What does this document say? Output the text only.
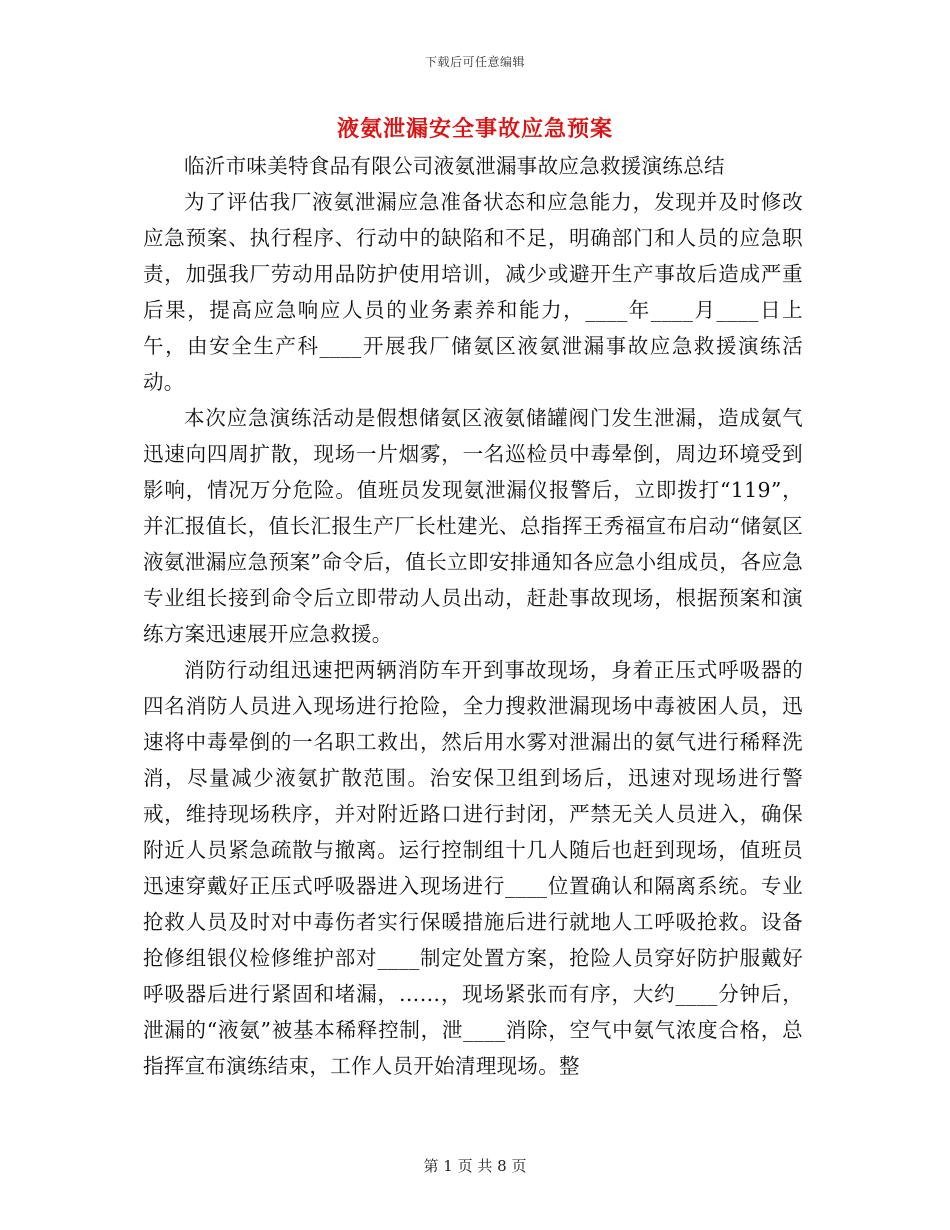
下载后可任意编辑
液氨泄漏安全事故应急预案

临沂市味美特食品有限公司液氨泄漏事故应急救援演练总结

为了评估我厂液氨泄漏应急准备状态和应急能力，发现并及时修改应急预案、执行程序、行动中的缺陷和不足，明确部门和人员的应急职责，加强我厂劳动用品防护使用培训，减少或避开生产事故后造成严重后果，提高应急响应人员的业务素养和能力，____年____月____日上午，由安全生产科____开展我厂储氨区液氨泄漏事故应急救援演练活动。

本次应急演练活动是假想储氨区液氨储罐阀门发生泄漏，造成氨气迅速向四周扩散，现场一片烟雾，一名巡检员中毒晕倒，周边环境受到影响，情况万分危险。值班员发现氨泄漏仪报警后，立即拨打“119”，并汇报值长，值长汇报生产厂长杜建光、总指挥王秀福宣布启动“储氨区液氨泄漏应急预案”命令后，值长立即安排通知各应急小组成员，各应急专业组长接到命令后立即带动人员出动，赶赴事故现场，根据预案和演练方案迅速展开应急救援。

消防行动组迅速把两辆消防车开到事故现场，身着正压式呼吸器的四名消防人员进入现场进行抢险，全力搜救泄漏现场中毒被困人员，迅速将中毒晕倒的一名职工救出，然后用水雾对泄漏出的氨气进行稀释洗消，尽量减少液氨扩散范围。治安保卫组到场后，迅速对现场进行警戒，维持现场秩序，并对附近路口进行封闭，严禁无关人员进入，确保附近人员紧急疏散与撤离。运行控制组十几人随后也赶到现场，值班员迅速穿戴好正压式呼吸器进入现场进行____位置确认和隔离系统。专业抢救人员及时对中毒伤者实行保暖措施后进行就地人工呼吸抢救。设备抢修组银仪检修维护部对____制定处置方案，抢险人员穿好防护服戴好呼吸器后进行紧固和堵漏，……，现场紧张而有序，大约____分钟后，泄漏的“液氨”被基本稀释控制，泄____消除，空气中氨气浓度合格，总指挥宣布演练结束，工作人员开始清理现场。整

第 1 页 共 8 页
